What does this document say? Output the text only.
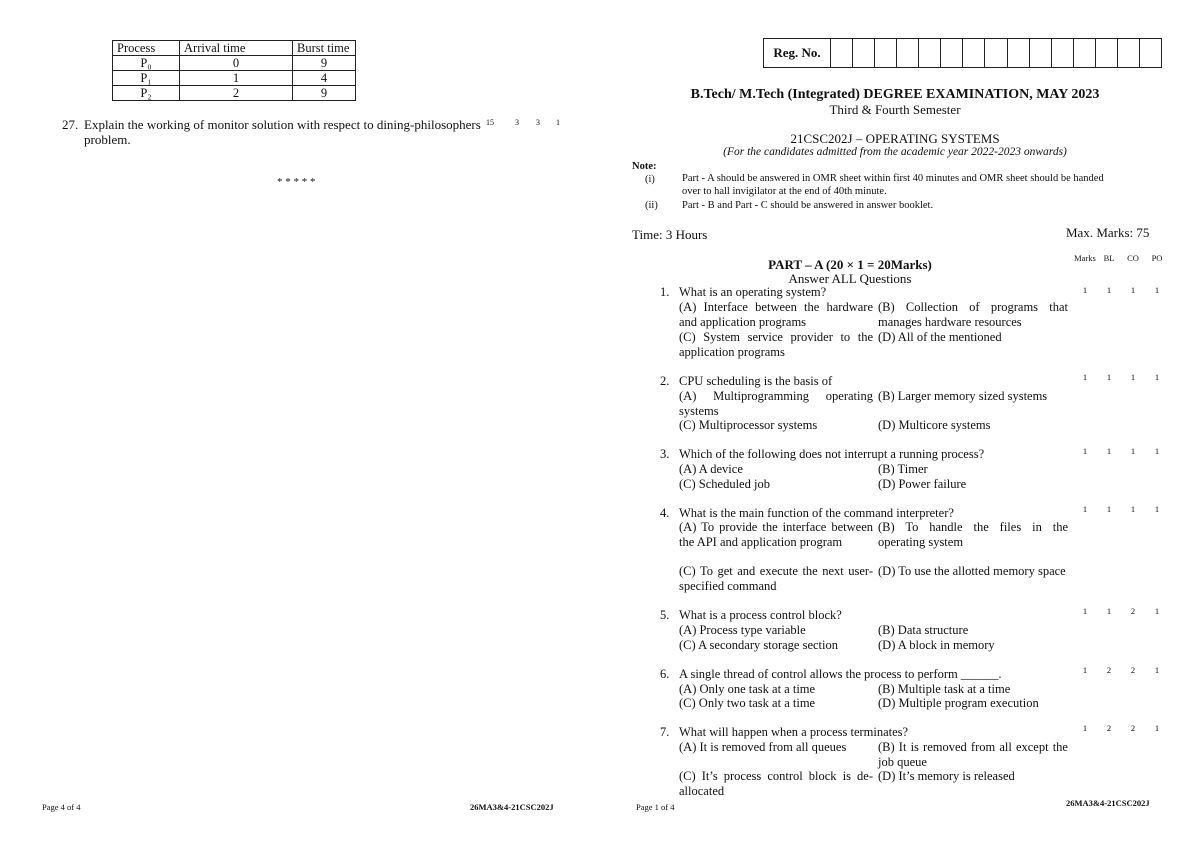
Process	Arrival time	Burst time
P₀	0	9
P₁	1	4
P₂	2	9
27. Explain the working of monitor solution with respect to dining-philosophers
problem.
15	3 3 1
* * * * *
Page 4 of 4	26MA3&4-21CSC202J
Reg. No.
B.Tech/ M.Tech (Integrated) DEGREE EXAMINATION, MAY 2023
Third & Fourth Semester
21CSC202J – OPERATING SYSTEMS
(For the candidates admitted from the academic year 2022-2023 onwards)
Note:
(i)	Part - A should be answered in OMR sheet within first 40 minutes and OMR sheet should be handed
over to hall invigilator at the end of 40th minute.
(ii) Part - B and Part - C should be answered in answer booklet.
Time: 3 Hours	Max. Marks: 75
PART – A (20 × 1 = 20Marks)
Answer ALL Questions
Marks BL CO PO
1. What is an operating system?
(A) Interface between the hardware and application programs
(B) Collection of programs that manages hardware resources
(C) System service provider to the application programs
(D) All of the mentioned
1 1 1 1
2. CPU scheduling is the basis of
(A) Multiprogramming operating systems
(B) Larger memory sized systems
(C) Multiprocessor systems	(D) Multicore systems
1 1 1 1
3. Which of the following does not interrupt a running process?
(A) A device	(B) Timer
(C) Scheduled job	(D) Power failure
1 1 1 1
4. What is the main function of the command interpreter?
(A) To provide the interface between the API and application program
(B) To handle the files in the operating system
(C) To get and execute the next user-specified command
(D) To use the allotted memory space
1 1 1 1
5. What is a process control block?
(A) Process type variable	(B) Data structure
(C) A secondary storage section	(D) A block in memory
1 1 2 1
6. A single thread of control allows the process to perform ______.
(A) Only one task at a time	(B) Multiple task at a time
(C) Only two task at a time	(D) Multiple program execution
1 2 2 1
7. What will happen when a process terminates?
(A) It is removed from all queues	(B) It is removed from all except the job queue
(C) It’s process control block is de-allocated
(D) It’s memory is released
1 2 2 1
Page 1 of 4	26MA3&4-21CSC202J
